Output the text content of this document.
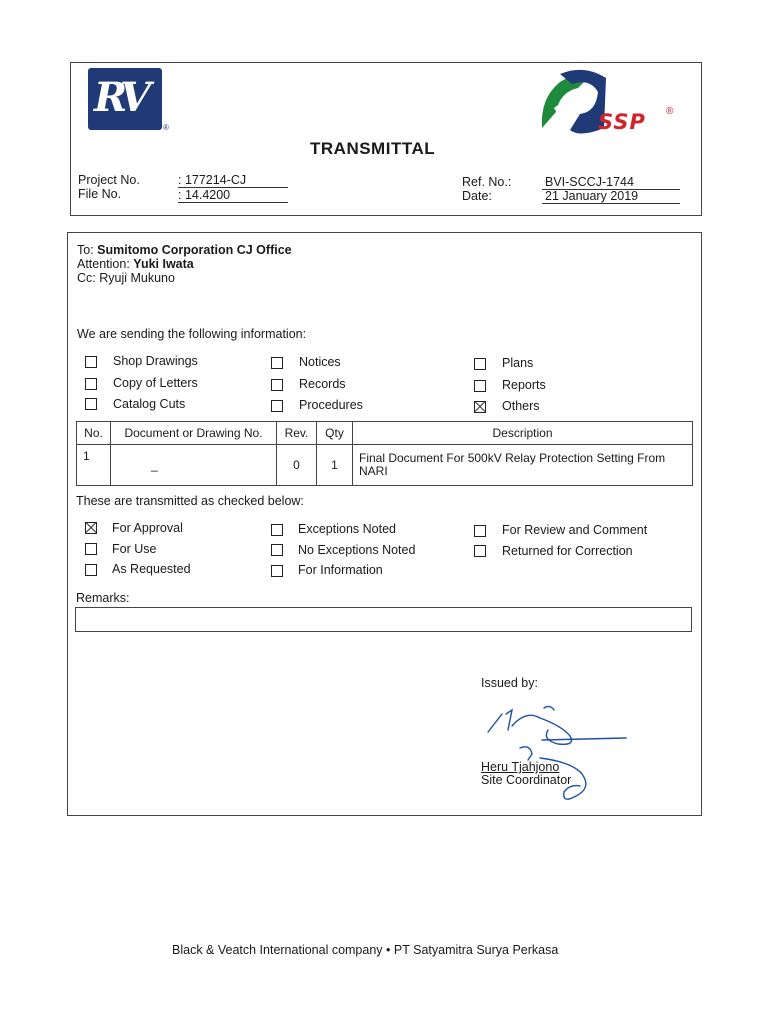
RV
®	SSP ®
TRANSMITTAL
Project No.	: 177214-CJ
File No.	: 14.4200
Ref. No.:	BVI-SCCJ-1744
Date:	21 January 2019
To: Sumitomo Corporation CJ Office
Attention: Yuki Iwata
Cc: Ryuji Mukuno
We are sending the following information:
Shop Drawings
Copy of Letters
Catalog Cuts
Notices
Records
Procedures
Plans
Reports
Others
No.	Document or Drawing No.	Rev.	Qty	Description
1	_	0	1	Final Document For 500kV Relay Protection Setting From NARI
These are transmitted as checked below:
For Approval
For Use
As Requested
Exceptions Noted
No Exceptions Noted
For Information
For Review and Comment
Returned for Correction
Remarks:
Issued by:
Heru Tjahjono
Site Coordinator
Black & Veatch International company • PT Satyamitra Surya Perkasa
